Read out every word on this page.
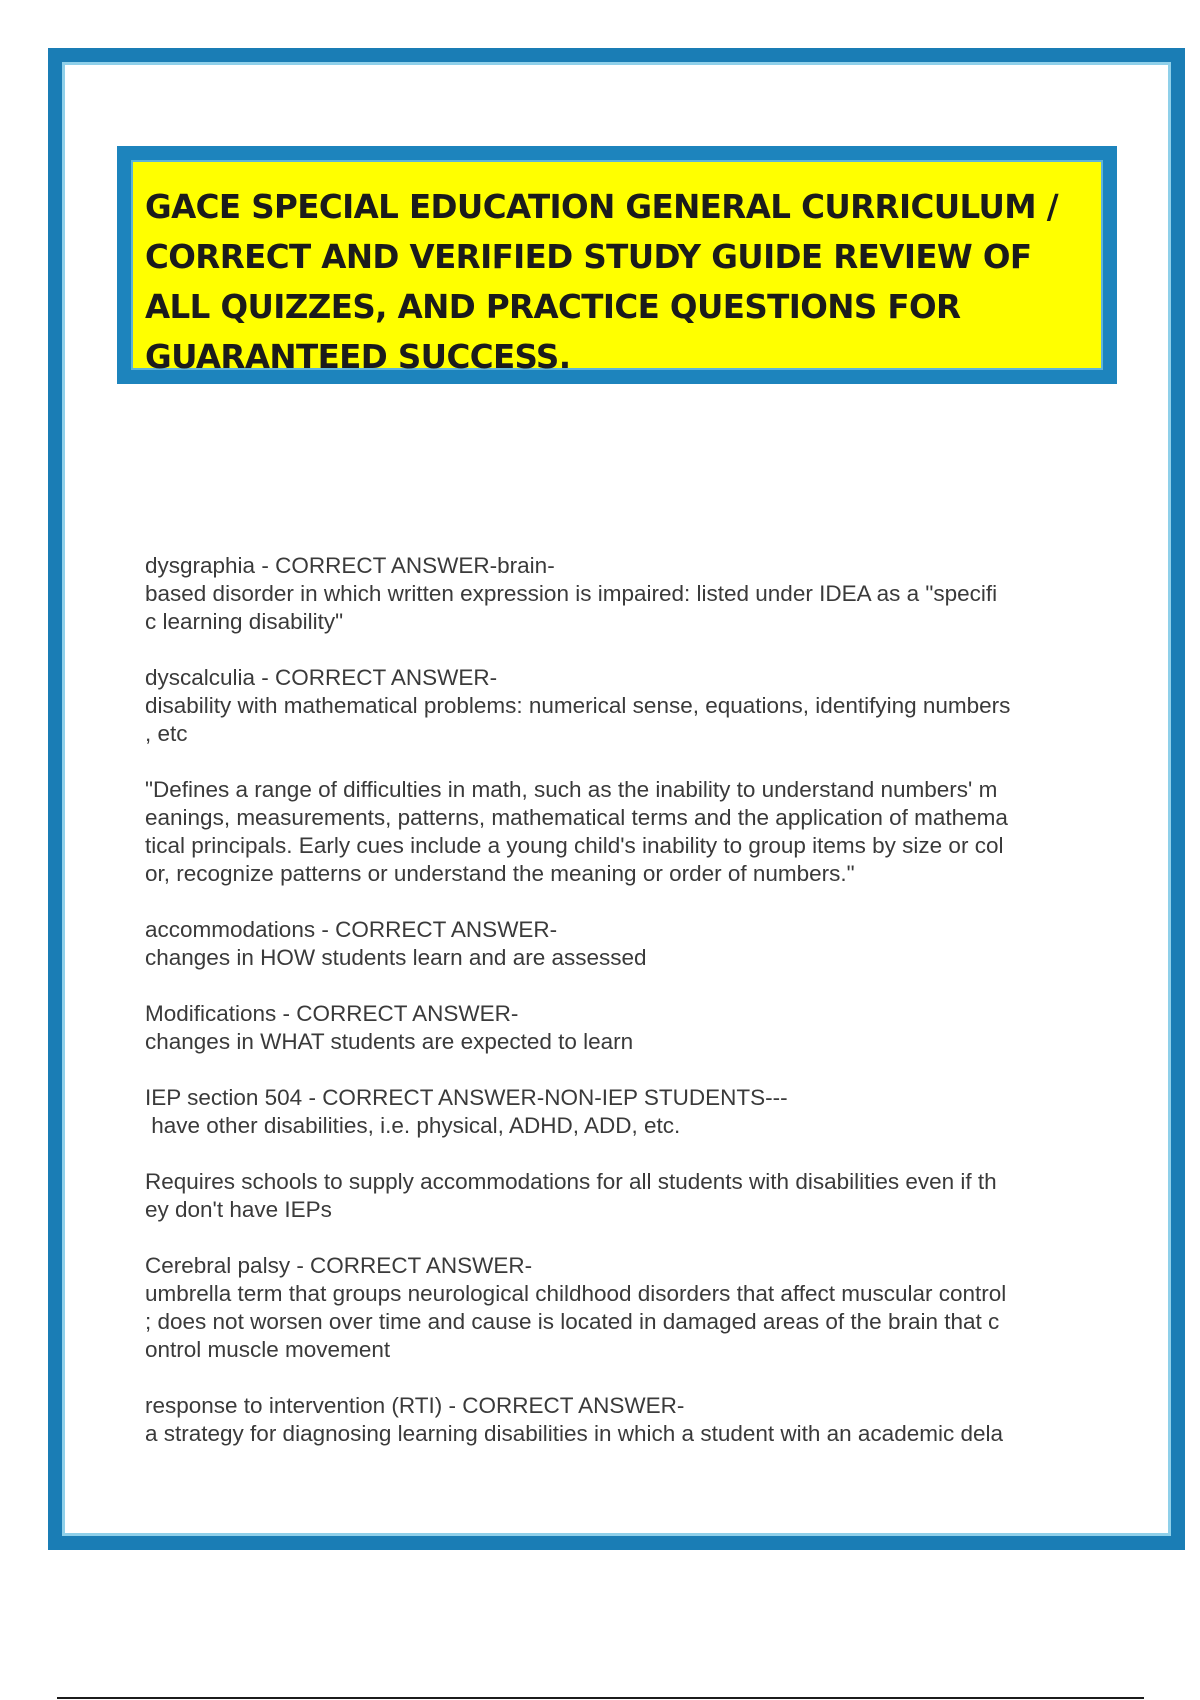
GACE SPECIAL EDUCATION GENERAL CURRICULUM /
CORRECT AND VERIFIED STUDY GUIDE REVIEW OF
ALL QUIZZES, AND PRACTICE QUESTIONS FOR
GUARANTEED SUCCESS.

dysgraphia - CORRECT ANSWER-brain-
based disorder in which written expression is impaired: listed under IDEA as a "specifi
c learning disability"
dyscalculia - CORRECT ANSWER-
disability with mathematical problems: numerical sense, equations, identifying numbers
, etc
"Defines a range of difficulties in math, such as the inability to understand numbers' m
eanings, measurements, patterns, mathematical terms and the application of mathema
tical principals. Early cues include a young child's inability to group items by size or col
or, recognize patterns or understand the meaning or order of numbers."
accommodations - CORRECT ANSWER-
changes in HOW students learn and are assessed
Modifications - CORRECT ANSWER-
changes in WHAT students are expected to learn
IEP section 504 - CORRECT ANSWER-NON-IEP STUDENTS---
have other disabilities, i.e. physical, ADHD, ADD, etc.
Requires schools to supply accommodations for all students with disabilities even if th
ey don't have IEPs
Cerebral palsy - CORRECT ANSWER-
umbrella term that groups neurological childhood disorders that affect muscular control
; does not worsen over time and cause is located in damaged areas of the brain that c
ontrol muscle movement
response to intervention (RTI) - CORRECT ANSWER-
a strategy for diagnosing learning disabilities in which a student with an academic dela
